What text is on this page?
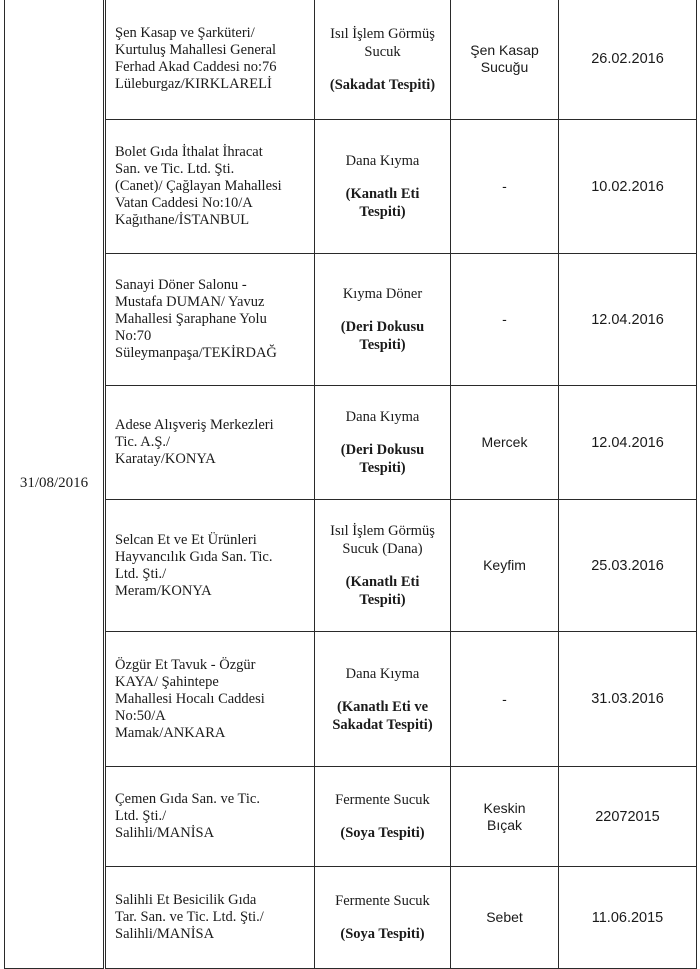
31/08/2016	Şen Kasap ve Şarküteri/
Kurtuluş Mahallesi General
Ferhad Akad Caddesi no:76
Lüleburgaz/KIRKLARELİ	Isıl İşlem Görmüş
Sucuk
(Sakadat Tespiti)	Şen Kasap
Sucuğu	26.02.2016

	Bolet Gıda İthalat İhracat
San. ve Tic. Ltd. Şti.
(Canet)/ Çağlayan Mahallesi
Vatan Caddesi No:10/A
Kağıthane/İSTANBUL	Dana Kıyma
(Kanatlı Eti
Tespiti)	-	10.02.2016

	Sanayi Döner Salonu -
Mustafa DUMAN/ Yavuz
Mahallesi Şaraphane Yolu
No:70
Süleymanpaşa/TEKİRDAĞ	Kıyma Döner
(Deri Dokusu
Tespiti)	-	12.04.2016

	Adese Alışveriş Merkezleri
Tic. A.Ş./
Karatay/KONYA	Dana Kıyma
(Deri Dokusu
Tespiti)	Mercek	12.04.2016

	Selcan Et ve Et Ürünleri
Hayvancılık Gıda San. Tic.
Ltd. Şti./
Meram/KONYA	Isıl İşlem Görmüş
Sucuk (Dana)
(Kanatlı Eti
Tespiti)	Keyfim	25.03.2016

	Özgür Et Tavuk - Özgür
KAYA/ Şahintepe
Mahallesi Hocalı Caddesi
No:50/A
Mamak/ANKARA	Dana Kıyma
(Kanatlı Eti ve
Sakadat Tespiti)	-	31.03.2016

	Çemen Gıda San. ve Tic.
Ltd. Şti./
Salihli/MANİSA	Fermente Sucuk
(Soya Tespiti)	Keskin
Bıçak	22072015

	Salihli Et Besicilik Gıda
Tar. San. ve Tic. Ltd. Şti./
Salihli/MANİSA	Fermente Sucuk
(Soya Tespiti)	Sebet	11.06.2015
